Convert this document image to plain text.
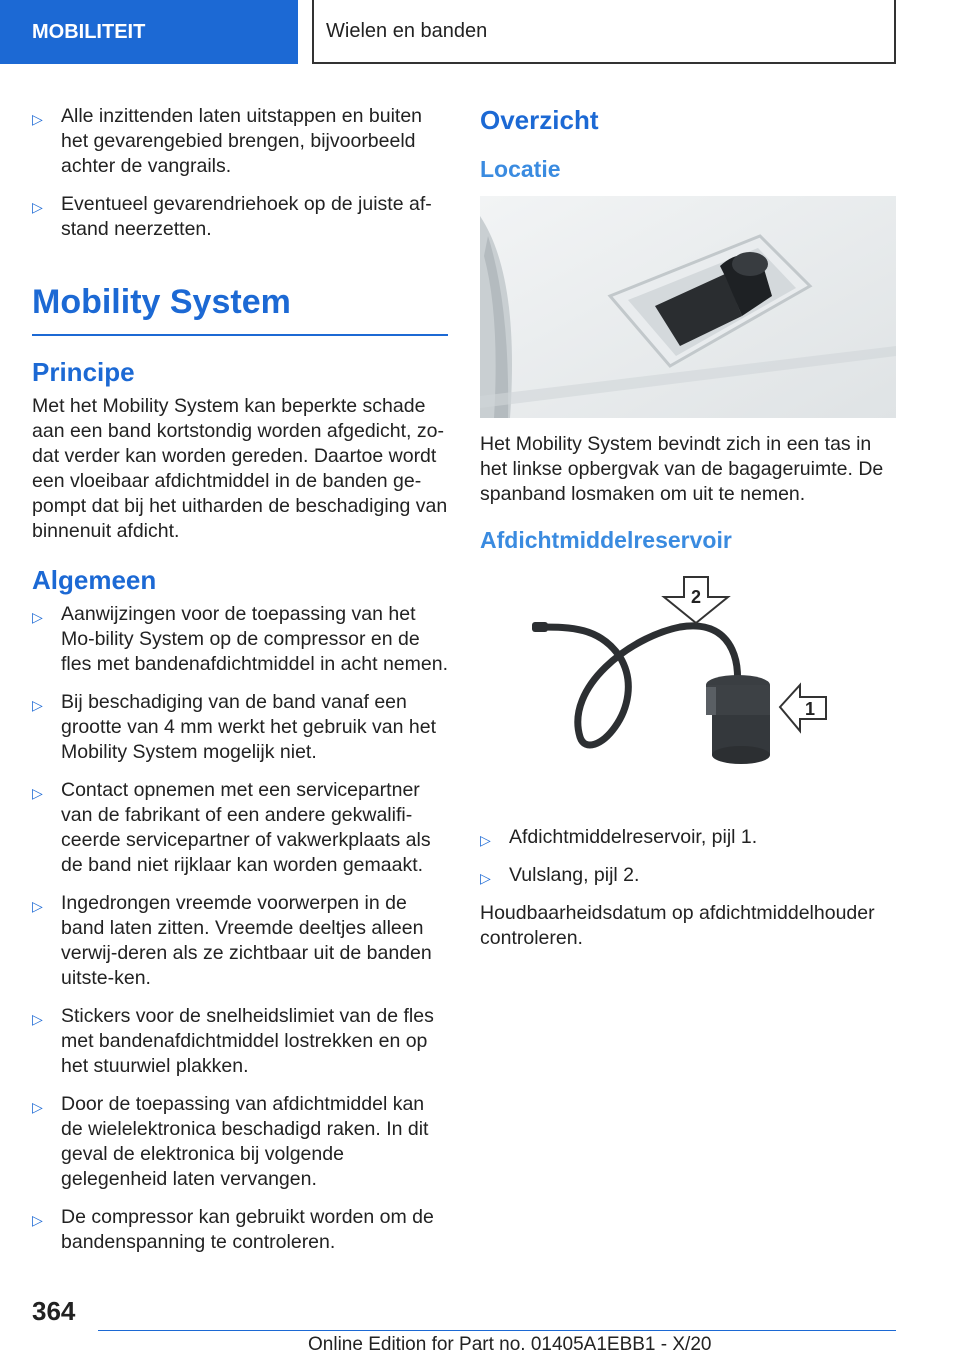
MOBILITEIT	Wielen en banden
▷ Alle inzittenden laten uitstappen en buiten het gevarengebied brengen, bijvoorbeeld achter de vangrails.
▷ Eventueel gevarendriehoek op de juiste af-stand neerzetten.
Mobility System
Principe

Met het Mobility System kan beperkte schade aan een band kortstondig worden afgedicht, zo-dat verder kan worden gereden. Daartoe wordt een vloeibaar afdichtmiddel in de banden ge-pompt dat bij het uitharden de beschadiging van binnenuit afdicht.

Algemeen
▷ Aanwijzingen voor de toepassing van het Mo-bility System op de compressor en de fles met bandenafdichtmiddel in acht nemen.
▷ Bij beschadiging van de band vanaf een grootte van 4 mm werkt het gebruik van het Mobility System mogelijk niet.
▷ Contact opnemen met een servicepartner van de fabrikant of een andere gekwalifi-ceerde servicepartner of vakwerkplaats als de band niet rijklaar kan worden gemaakt.
▷ Ingedrongen vreemde voorwerpen in de band laten zitten. Vreemde deeltjes alleen verwij-deren als ze zichtbaar uit de banden uitste-ken.
▷ Stickers voor de snelheidslimiet van de fles met bandenafdichtmiddel lostrekken en op het stuurwiel plakken.
▷ Door de toepassing van afdichtmiddel kan de wielelektronica beschadigd raken. In dit geval de elektronica bij volgende gelegenheid laten vervangen.
▷ De compressor kan gebruikt worden om de bandenspanning te controleren.
Overzicht
Locatie

Het Mobility System bevindt zich in een tas in het linkse opbergvak van de bagageruimte. De spanband losmaken om uit te nemen.

Afdichtmiddelreservoir
2
1
▷ Afdichtmiddelreservoir, pijl 1.
▷ Vulslang, pijl 2.

Houdbaarheidsdatum op afdichtmiddelhouder controleren.

364
Online Edition for Part no. 01405A1EBB1 - X/20
